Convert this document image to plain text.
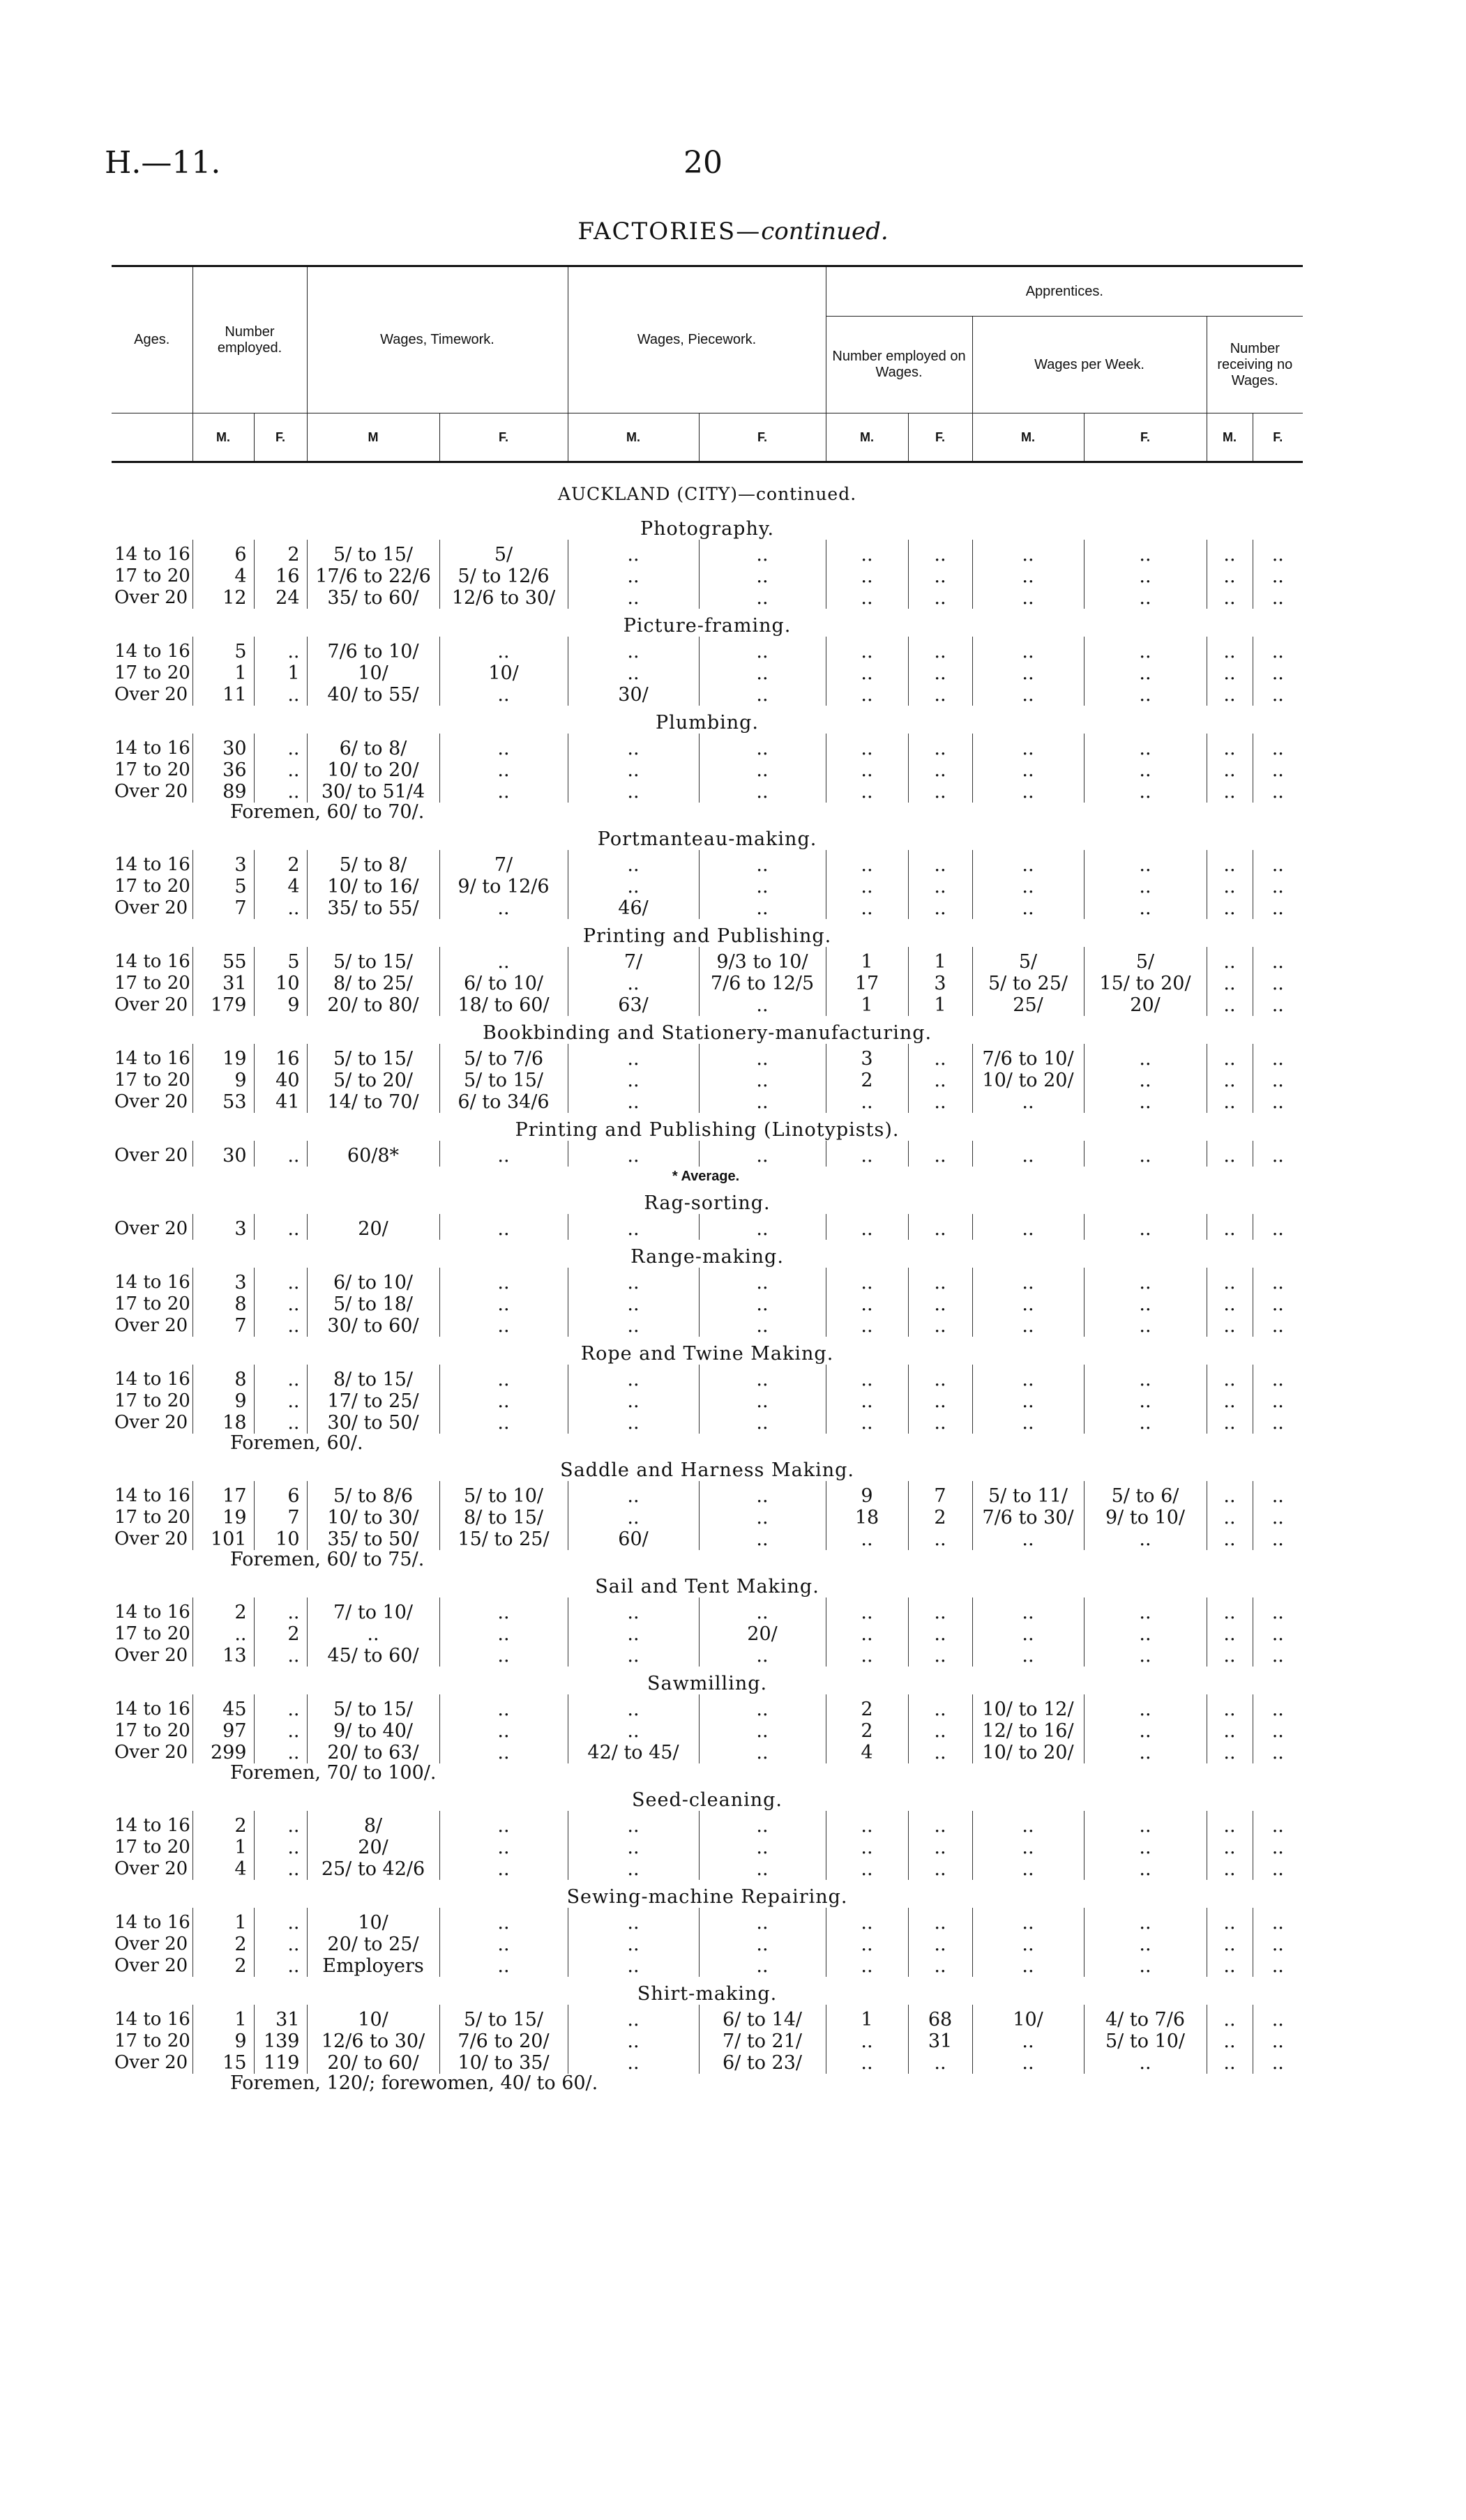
H.—11.	20
FACTORIES—continued.
Ages.	Number employed.		Wages, Timework.		Wages, Piecework.		Apprentices.					
							Number employed on Wages.		Wages per Week.		Number receiving no Wages.	
	M.	F.	M	F.	M.	F.	M.	F.	M.	F.	M.	F.
AUCKLAND (CITY)—continued.												
Photography.												
14 to 16	6	2	5/ to 15/	5/	..	..	..	..	..	..	..	..
17 to 20	4	16	17/6 to 22/6	5/ to 12/6	..	..	..	..	..	..	..	..
Over 20	12	24	35/ to 60/	12/6 to 30/	..	..	..	..	..	..	..	..
Picture-framing.												
14 to 16	5	..	7/6 to 10/	..	..	..	..	..	..	..	..	..
17 to 20	1	1	10/	10/	..	..	..	..	..	..	..	..
Over 20	11	..	40/ to 55/	..	30/	..	..	..	..	..	..	..
Plumbing.												
14 to 16	30	..	6/ to 8/	..	..	..	..	..	..	..	..	..
17 to 20	36	..	10/ to 20/	..	..	..	..	..	..	..	..	..
Over 20	89	..	30/ to 51/4	..	..	..	..	..	..	..	..	..
Foremen, 60/ to 70/.												
Portmanteau-making.												
14 to 16	3	2	5/ to 8/	7/	..	..	..	..	..	..	..	..
17 to 20	5	4	10/ to 16/	9/ to 12/6	..	..	..	..	..	..	..	..
Over 20	7	..	35/ to 55/	..	46/	..	..	..	..	..	..	..
Printing and Publishing.												
14 to 16	55	5	5/ to 15/	..	7/	9/3 to 10/	1	1	5/	5/	..	..
17 to 20	31	10	8/ to 25/	6/ to 10/	..	7/6 to 12/5	17	3	5/ to 25/	15/ to 20/	..	..
Over 20	179	9	20/ to 80/	18/ to 60/	63/	..	1	1	25/	20/	..	..
Bookbinding and Stationery-manufacturing.												
14 to 16	19	16	5/ to 15/	5/ to 7/6	..	..	3	..	7/6 to 10/	..	..	..
17 to 20	9	40	5/ to 20/	5/ to 15/	..	..	2	..	10/ to 20/	..	..	..
Over 20	53	41	14/ to 70/	6/ to 34/6	..	..	..	..	..	..	..	..
Printing and Publishing (Linotypists).												
Over 20	30	..	60/8*	..	..	..	..	..	..	..	..	..
* Average.												
Rag-sorting.												
Over 20	3	..	20/	..	..	..	..	..	..	..	..	..
Range-making.												
14 to 16	3	..	6/ to 10/	..	..	..	..	..	..	..	..	..
17 to 20	8	..	5/ to 18/	..	..	..	..	..	..	..	..	..
Over 20	7	..	30/ to 60/	..	..	..	..	..	..	..	..	..
Rope and Twine Making.												
14 to 16	8	..	8/ to 15/	..	..	..	..	..	..	..	..	..
17 to 20	9	..	17/ to 25/	..	..	..	..	..	..	..	..	..
Over 20	18	..	30/ to 50/	..	..	..	..	..	..	..	..	..
Foremen, 60/.												
Saddle and Harness Making.												
14 to 16	17	6	5/ to 8/6	5/ to 10/	..	..	9	7	5/ to 11/	5/ to 6/	..	..
17 to 20	19	7	10/ to 30/	8/ to 15/	..	..	18	2	7/6 to 30/	9/ to 10/	..	..
Over 20	101	10	35/ to 50/	15/ to 25/	60/	..	..	..	..	..	..	..
Foremen, 60/ to 75/.												
Sail and Tent Making.												
14 to 16	2	..	7/ to 10/	..	..	..	..	..	..	..	..	..
17 to 20	..	2	..	..	..	20/	..	..	..	..	..	..
Over 20	13	..	45/ to 60/	..	..	..	..	..	..	..	..	..
Sawmilling.												
14 to 16	45	..	5/ to 15/	..	..	..	2	..	10/ to 12/	..	..	..
17 to 20	97	..	9/ to 40/	..	..	..	2	..	12/ to 16/	..	..	..
Over 20	299	..	20/ to 63/	..	42/ to 45/	..	4	..	10/ to 20/	..	..	..
Foremen, 70/ to 100/.												
Seed-cleaning.												
14 to 16	2	..	8/	..	..	..	..	..	..	..	..	..
17 to 20	1	..	20/	..	..	..	..	..	..	..	..	..
Over 20	4	..	25/ to 42/6	..	..	..	..	..	..	..	..	..
Sewing-machine Repairing.												
14 to 16	1	..	10/	..	..	..	..	..	..	..	..	..
Over 20	2	..	20/ to 25/	..	..	..	..	..	..	..	..	..
Over 20	2	..	Employers	..	..	..	..	..	..	..	..	..
Shirt-making.												
14 to 16	1	31	10/	5/ to 15/	..	6/ to 14/	1	68	10/	4/ to 7/6	..	..
17 to 20	9	139	12/6 to 30/	7/6 to 20/	..	7/ to 21/	..	31	..	5/ to 10/	..	..
Over 20	15	119	20/ to 60/	10/ to 35/	..	6/ to 23/	..	..	..	..	..	..
Foremen, 120/; forewomen, 40/ to 60/.												
